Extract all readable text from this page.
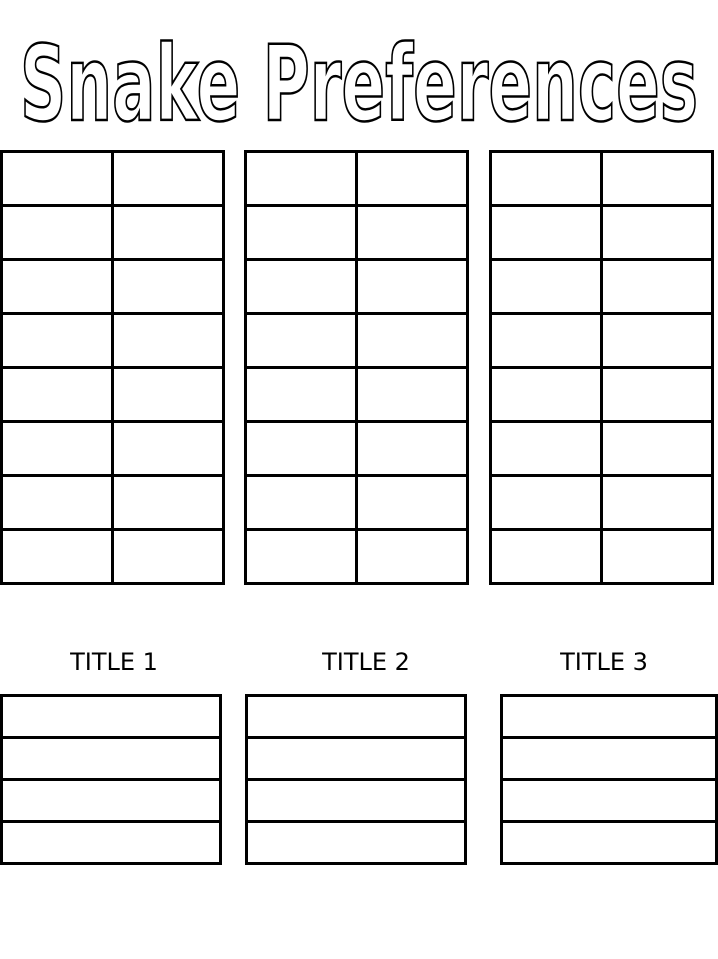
Snake Preferences

TITLE 1	TITLE 2	TITLE 3
